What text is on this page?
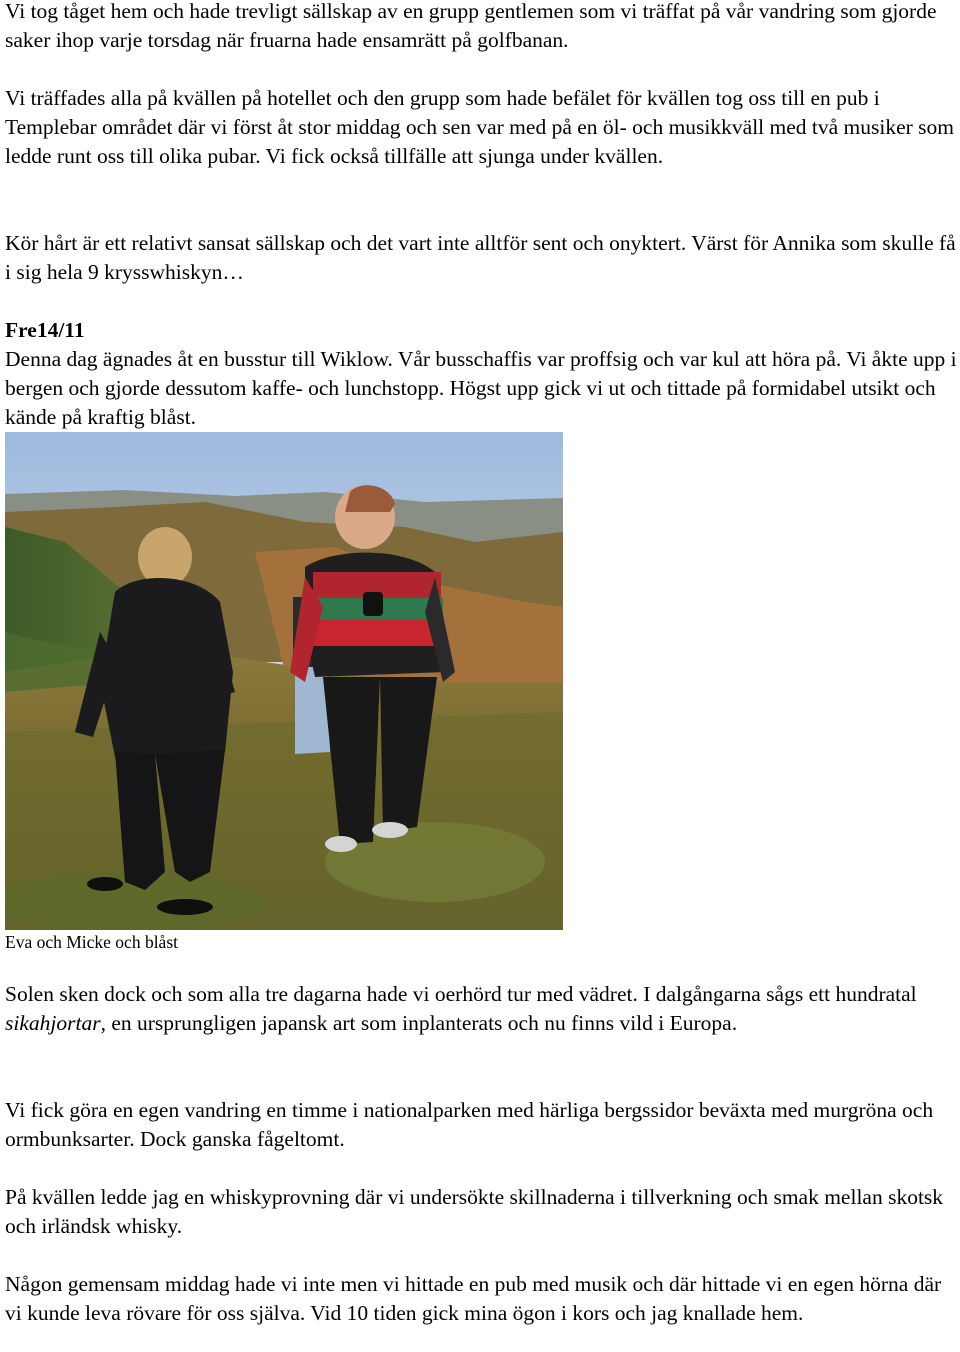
Vi tog tåget hem och hade trevligt sällskap av en grupp gentlemen som vi träffat på vår vandring som gjorde saker ihop varje torsdag när fruarna hade ensamrätt på golfbanan.

Vi träffades alla på kvällen på hotellet och den grupp som hade befälet för kvällen tog oss till en pub i Templebar området där vi först åt stor middag och sen var med på en öl- och musikkväll med två musiker som ledde runt oss till olika pubar. Vi fick också tillfälle att sjunga under kvällen.

Kör hårt är ett relativt sansat sällskap och det vart inte alltför sent och onyktert. Värst för Annika som skulle få i sig hela 9 krysswhiskyn…

Fre14/11

Denna dag ägnades åt en busstur till Wiklow. Vår busschaffis var proffsig och var kul att höra på. Vi åkte upp i bergen och gjorde dessutom kaffe- och lunchstopp. Högst upp gick vi ut och tittade på formidabel utsikt och kände på kraftig blåst.

Eva och Micke och blåst

Solen sken dock och som alla tre dagarna hade vi oerhörd tur med vädret. I dalgångarna sågs ett hundratal sikahjortar, en ursprungligen japansk art som inplanterats och nu finns vild i Europa.

Vi fick göra en egen vandring en timme i nationalparken med härliga bergssidor beväxta med murgröna och ormbunksarter. Dock ganska fågeltomt.

På kvällen ledde jag en whiskyprovning där vi undersökte skillnaderna i tillverkning och smak mellan skotsk och irländsk whisky.

Någon gemensam middag hade vi inte men vi hittade en pub med musik och där hittade vi en egen hörna där vi kunde leva rövare för oss själva. Vid 10 tiden gick mina ögon i kors och jag knallade hem.
